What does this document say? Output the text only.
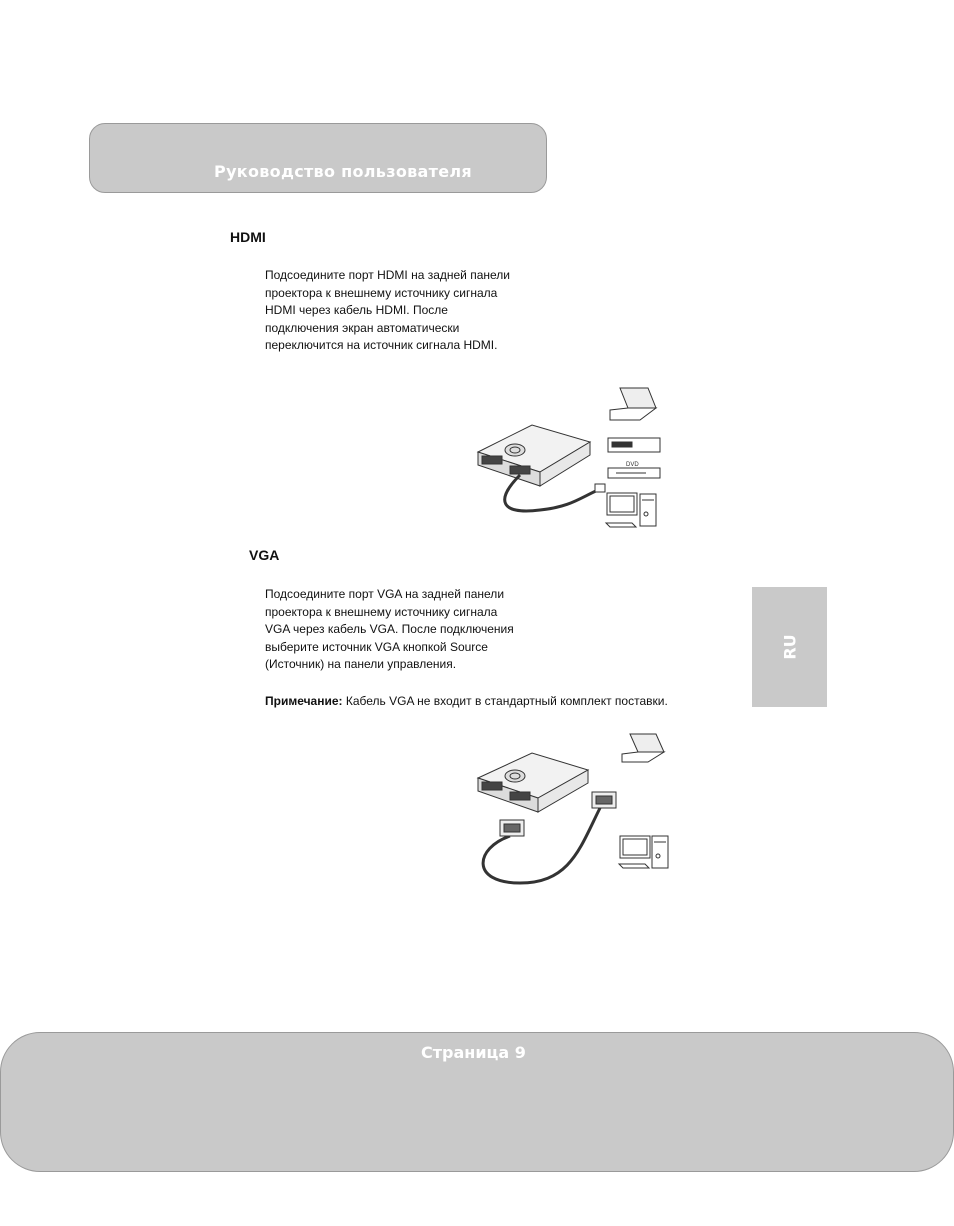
Руководство пользователя
HDMI
Подсоедините порт HDMI на задней панели
проектора к внешнему источнику сигнала
HDMI через кабель HDMI. После
подключения экран автоматически
переключится на источник сигнала HDMI.
DVD
VGA
Подсоедините порт VGA на задней панели
проектора к внешнему источнику сигнала
VGA через кабель VGA. После подключения
выберите источник VGA кнопкой Source
(Источник) на панели управления.

Примечание: Кабель VGA не входит в стандартный комплект поставки.

RU
Страница 9
